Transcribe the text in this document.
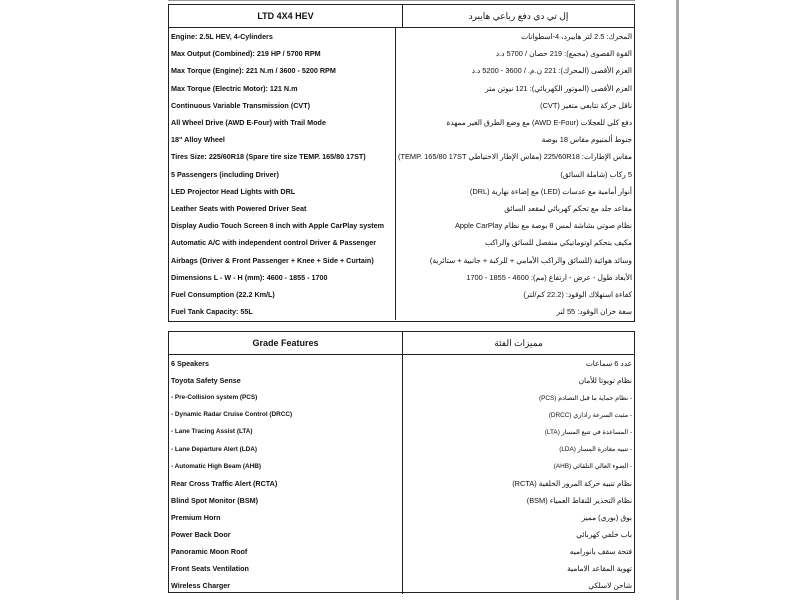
LTD 4X4 HEV	إل تي دي دفع رباعي هايبرد
Engine: 2.5L HEV, 4-Cylinders
Max Output (Combined): 219 HP / 5700 RPM
Max Torque (Engine): 221 N.m / 3600 - 5200 RPM
Max Torque (Electric Motor): 121 N.m
Continuous Variable Transmission (CVT)
All Wheel Drive (AWD E-Four) with Trail Mode
18" Alloy Wheel
Tires Size: 225/60R18 (Spare tire size TEMP. 165/80 17ST)
5 Passengers (including Driver)
LED Projector Head Lights with DRL
Leather Seats with Powered Driver Seat
Display Audio Touch Screen 8 inch with Apple CarPlay system
Automatic A/C with independent control Driver & Passenger
Airbags (Driver & Front Passenger + Knee + Side + Curtain)
Dimensions L - W - H (mm): 4600 - 1855 - 1700
Fuel Consumption (22.2 Km/L)
Fuel Tank Capacity: 55L
المحرك: 2.5 لتر هايبرد، 4-اسطوانات
القوة القصوى (مجمع): 219 حصان / 5700 د.د
العزم الأقصى (المحرك): 221 ن.م. / 3600 - 5200 د.د
العزم الأقصى (الموتور الكهربائي): 121 نيوتن متر
ناقل حركة تتابعي متغير (CVT)
دفع كلي للعجلات (AWD E-Four) مع وضع الطرق الغير ممهدة
جنوط ألمنيوم مقاس 18 بوصة
مقاس الإطارات: 225/60R18 (مقاس الإطار الاحتياطي TEMP. 165/80 17ST)
5 ركاب (شاملة السائق)
أنوار أمامية مع عدسات (LED) مع إضاءة نهارية (DRL)
مقاعد جلد مع تحكم كهربائي لمقعد السائق
نظام صوتي بشاشة لمس 8 بوصة مع نظام Apple CarPlay
مكيف بتحكم اوتوماتيكي منفصل للسائق والراكب
وسائد هوائية (للسائق والراكب الأمامي + للركبة + جانبية + ستائرية)
الأبعاد طول - عرض - ارتفاع (مم): 4600 - 1855 - 1700
كفاءة استهلاك الوقود: (22.2 كم/لتر)
سعة خزان الوقود: 55 لتر
Grade Features	مميزات الفئة
6 Speakers
Toyota Safety Sense
- Pre-Collision system (PCS)
- Dynamic Radar Cruise Control (DRCC)
- Lane Tracing Assist (LTA)
- Lane Departure Alert (LDA)
- Automatic High Beam (AHB)
Rear Cross Traffic Alert (RCTA)
Blind Spot Monitor (BSM)
Premium Horn
Power Back Door
Panoramic Moon Roof
Front Seats Ventilation
Wireless Charger
عدد 6 سماعات
نظام تويوتا للأمان
- نظام حماية ما قبل التصادم (PCS)
- مثبت السرعة راداري (DRCC)
- المساعدة في تتبع المسار (LTA)
- تنبيه مغادرة المسار (LDA)
- الضوء العالي التلقائي (AHB)
نظام تنبيه حركة المرور الخلفية (RCTA)
نظام التحذير للنقاط العمياء (BSM)
بوق (بوري) مميز
باب خلفي كهربائي
فتحة سقف بانوراميه
تهوية المقاعد الامامية
شاحن لاسلكي
